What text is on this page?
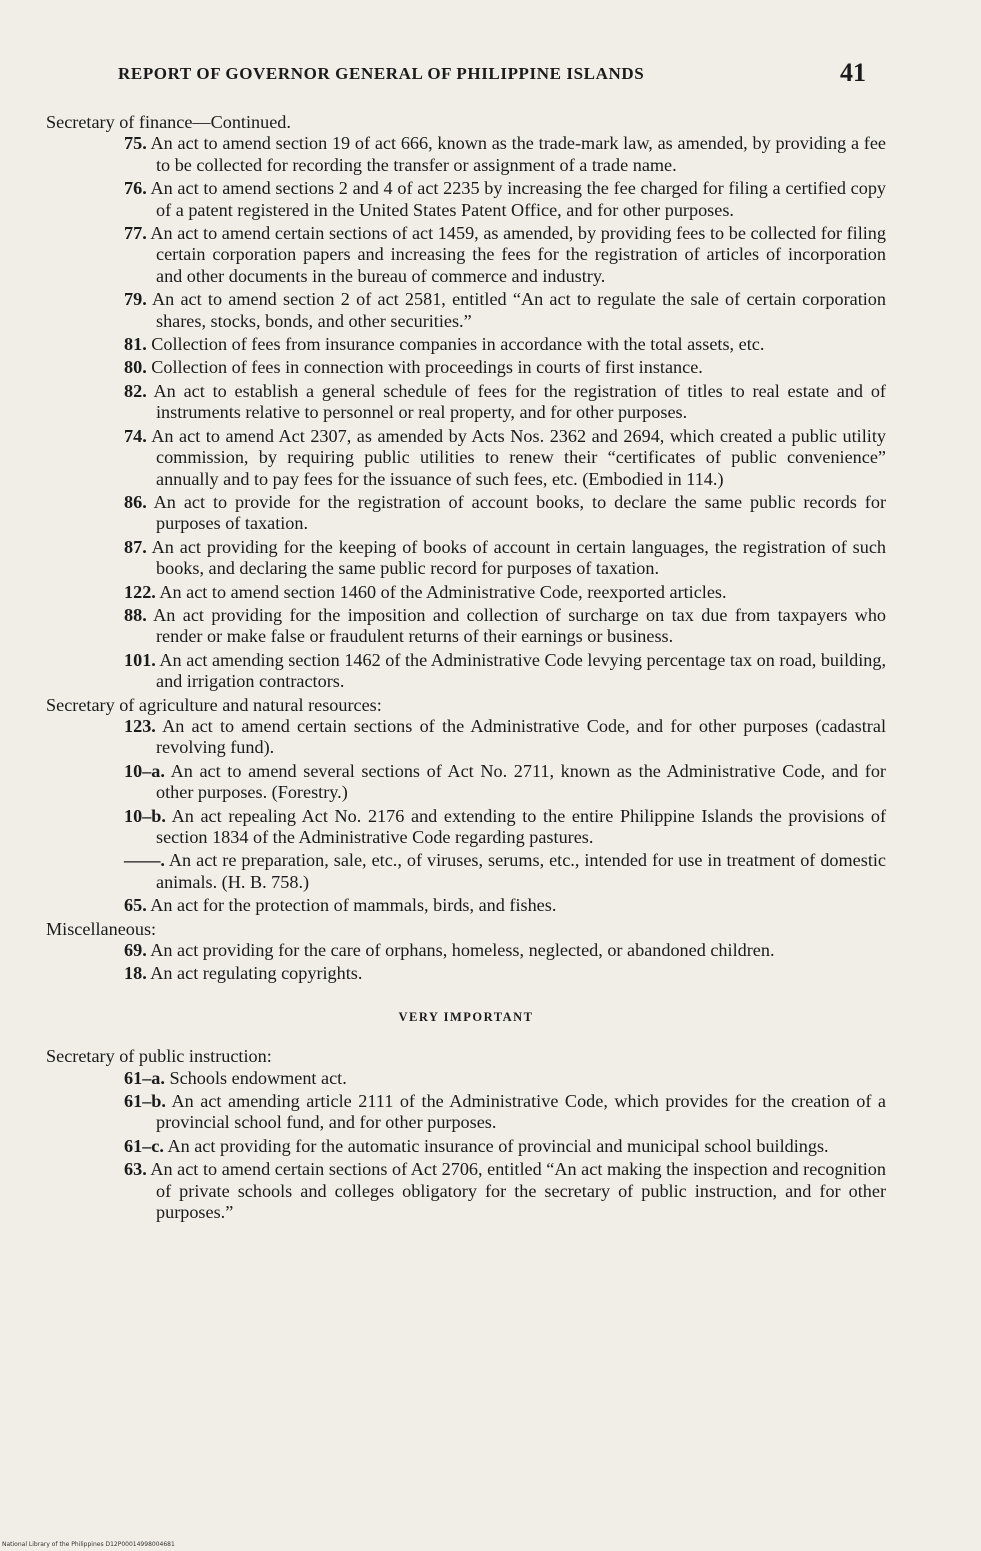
REPORT OF GOVERNOR GENERAL OF PHILIPPINE ISLANDS	41

Secretary of finance—Continued.

75. An act to amend section 19 of act 666, known as the trade-mark law, as amended, by providing a fee to be collected for recording the transfer or assignment of a trade name.

76. An act to amend sections 2 and 4 of act 2235 by increasing the fee charged for filing a certified copy of a patent registered in the United States Patent Office, and for other purposes.

77. An act to amend certain sections of act 1459, as amended, by providing fees to be collected for filing certain corporation papers and increasing the fees for the registration of articles of incorporation and other documents in the bureau of commerce and industry.

79. An act to amend section 2 of act 2581, entitled “An act to regulate the sale of certain corporation shares, stocks, bonds, and other securities.”

81. Collection of fees from insurance companies in accordance with the total assets, etc.

80. Collection of fees in connection with proceedings in courts of first instance.

82. An act to establish a general schedule of fees for the registration of titles to real estate and of instruments relative to personnel or real property, and for other purposes.

74. An act to amend Act 2307, as amended by Acts Nos. 2362 and 2694, which created a public utility commission, by requiring public utilities to renew their “certificates of public convenience” annually and to pay fees for the issuance of such fees, etc. (Embodied in 114.)

86. An act to provide for the registration of account books, to declare the same public records for purposes of taxation.

87. An act providing for the keeping of books of account in certain languages, the registration of such books, and declaring the same public record for purposes of taxation.

122. An act to amend section 1460 of the Administrative Code, reexported articles.

88. An act providing for the imposition and collection of surcharge on tax due from taxpayers who render or make false or fraudulent returns of their earnings or business.

101. An act amending section 1462 of the Administrative Code levying percentage tax on road, building, and irrigation contractors.

Secretary of agriculture and natural resources:

123. An act to amend certain sections of the Administrative Code, and for other purposes (cadastral revolving fund).

10–a. An act to amend several sections of Act No. 2711, known as the Administrative Code, and for other purposes. (Forestry.)

10–b. An act repealing Act No. 2176 and extending to the entire Philippine Islands the provisions of section 1834 of the Administrative Code regarding pastures.

——. An act re preparation, sale, etc., of viruses, serums, etc., intended for use in treatment of domestic animals. (H. B. 758.)

65. An act for the protection of mammals, birds, and fishes.

Miscellaneous:

69. An act providing for the care of orphans, homeless, neglected, or abandoned children.

18. An act regulating copyrights.

VERY IMPORTANT

Secretary of public instruction:

61–a. Schools endowment act.

61–b. An act amending article 2111 of the Administrative Code, which provides for the creation of a provincial school fund, and for other purposes.

61–c. An act providing for the automatic insurance of provincial and municipal school buildings.

63. An act to amend certain sections of Act 2706, entitled “An act making the inspection and recognition of private schools and colleges obligatory for the secretary of public instruction, and for other purposes.”

National Library of the Philippines D12P00014998004681
